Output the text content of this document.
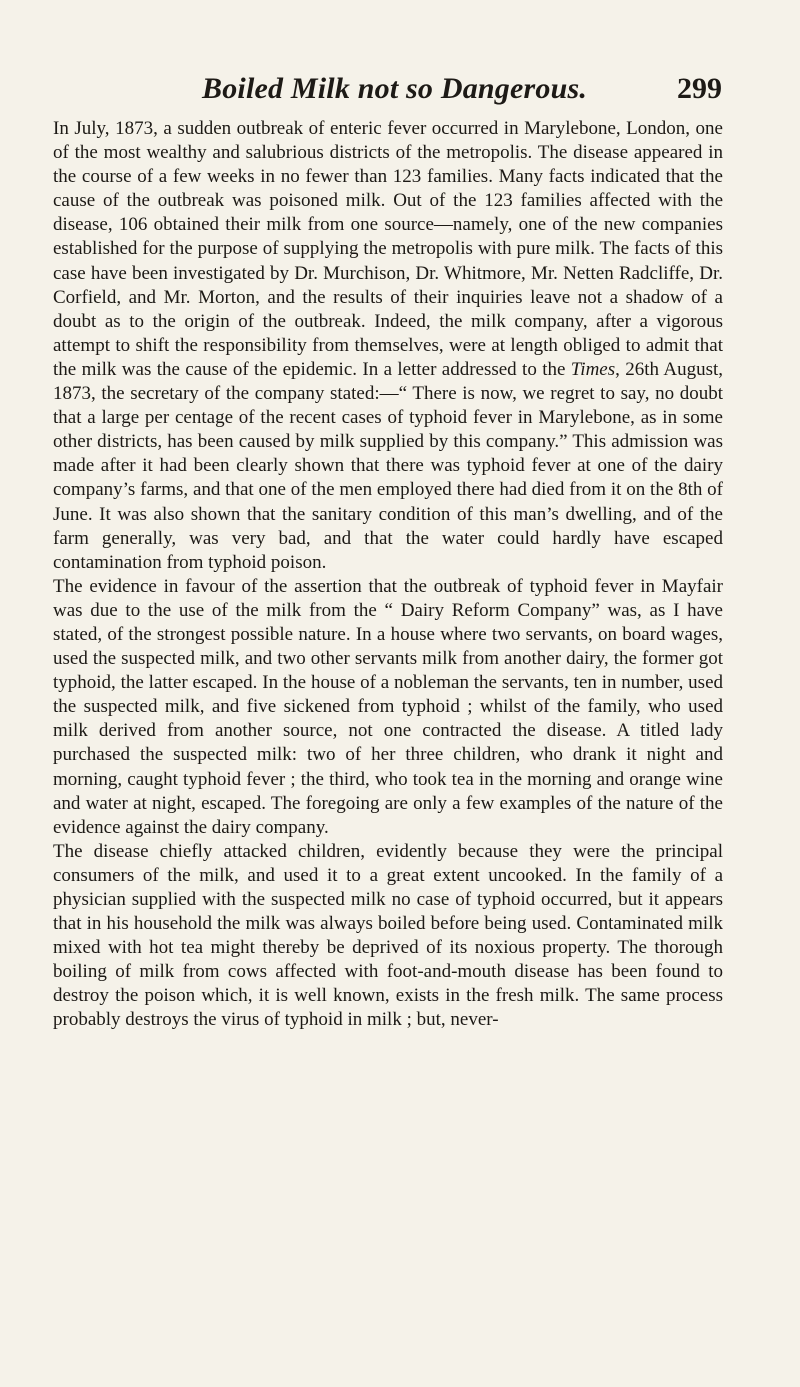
Boiled Milk not so Dangerous.	299

In July, 1873, a sudden outbreak of enteric fever occurred in Marylebone, London, one of the most wealthy and salubrious districts of the metropolis. The disease appeared in the course of a few weeks in no fewer than 123 families. Many facts indicated that the cause of the outbreak was poisoned milk. Out of the 123 families affected with the disease, 106 obtained their milk from one source—namely, one of the new companies established for the purpose of supplying the metropolis with pure milk. The facts of this case have been investigated by Dr. Murchison, Dr. Whitmore, Mr. Netten Radcliffe, Dr. Corfield, and Mr. Morton, and the results of their inquiries leave not a shadow of a doubt as to the origin of the outbreak. Indeed, the milk company, after a vigorous attempt to shift the responsibility from themselves, were at length obliged to admit that the milk was the cause of the epidemic. In a letter addressed to the Times, 26th August, 1873, the secretary of the company stated:—“ There is now, we regret to say, no doubt that a large per centage of the recent cases of typhoid fever in Marylebone, as in some other districts, has been caused by milk supplied by this company.” This admission was made after it had been clearly shown that there was typhoid fever at one of the dairy company’s farms, and that one of the men employed there had died from it on the 8th of June. It was also shown that the sanitary condition of this man’s dwelling, and of the farm generally, was very bad, and that the water could hardly have escaped contamination from typhoid poison.

The evidence in favour of the assertion that the outbreak of typhoid fever in Mayfair was due to the use of the milk from the “ Dairy Reform Company” was, as I have stated, of the strongest possible nature. In a house where two servants, on board wages, used the suspected milk, and two other servants milk from another dairy, the former got typhoid, the latter escaped. In the house of a nobleman the servants, ten in number, used the suspected milk, and five sickened from typhoid ; whilst of the family, who used milk derived from another source, not one contracted the disease. A titled lady purchased the suspected milk: two of her three children, who drank it night and morning, caught typhoid fever ; the third, who took tea in the morning and orange wine and water at night, escaped. The foregoing are only a few examples of the nature of the evidence against the dairy company.

The disease chiefly attacked children, evidently because they were the principal consumers of the milk, and used it to a great extent uncooked. In the family of a physician supplied with the suspected milk no case of typhoid occurred, but it appears that in his household the milk was always boiled before being used. Contaminated milk mixed with hot tea might thereby be deprived of its noxious property. The thorough boiling of milk from cows affected with foot-and-mouth disease has been found to destroy the poison which, it is well known, exists in the fresh milk. The same process probably destroys the virus of typhoid in milk ; but, never-
